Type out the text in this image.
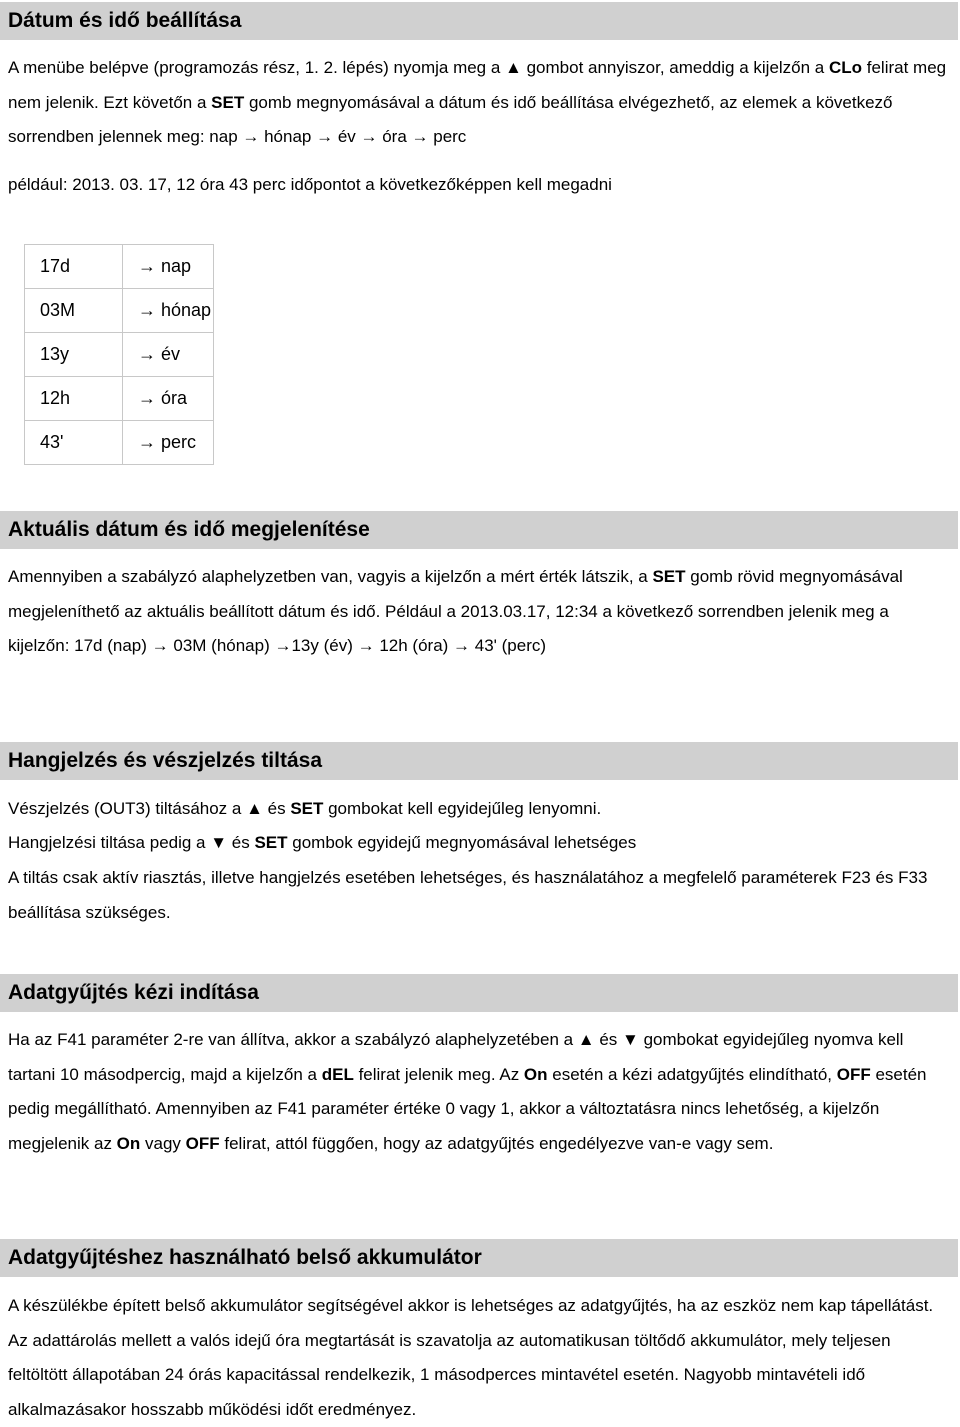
Dátum és idő beállítása

A menübe belépve (programozás rész, 1. 2. lépés) nyomja meg a ▲ gombot annyiszor, ameddig a kijelzőn a CLo felirat meg nem jelenik. Ezt követőn a SET gomb megnyomásával a dátum és idő beállítása elvégezhető, az elemek a következő sorrendben jelennek meg: nap → hónap → év → óra → perc

például: 2013. 03. 17, 12 óra 43 perc időpontot a következőképpen kell megadni

17d	→ nap
03M	→ hónap
13y	→ év
12h	→ óra
43'	→ perc
Aktuális dátum és idő megjelenítése

Amennyiben a szabályzó alaphelyzetben van, vagyis a kijelzőn a mért érték látszik, a SET gomb rövid megnyomásával megjeleníthető az aktuális beállított dátum és idő. Például a 2013.03.17, 12:34 a következő sorrendben jelenik meg a kijelzőn: 17d (nap) → 03M (hónap) →13y (év) → 12h (óra) → 43' (perc)

Hangjelzés és vészjelzés tiltása

Vészjelzés (OUT3) tiltásához a ▲ és SET gombokat kell egyidejűleg lenyomni.

Hangjelzési tiltása pedig a ▼ és SET gombok egyidejű megnyomásával lehetséges

A tiltás csak aktív riasztás, illetve hangjelzés esetében lehetséges, és használatához a megfelelő paraméterek F23 és F33 beállítása szükséges.

Adatgyűjtés kézi indítása

Ha az F41 paraméter 2-re van állítva, akkor a szabályzó alaphelyzetében a ▲ és ▼ gombokat egyidejűleg nyomva kell tartani 10 másodpercig, majd a kijelzőn a dEL felirat jelenik meg. Az On esetén a kézi adatgyűjtés elindítható, OFF esetén pedig megállítható. Amennyiben az F41 paraméter értéke 0 vagy 1, akkor a változtatásra nincs lehetőség, a kijelzőn megjelenik az On vagy OFF felirat, attól függően, hogy az adatgyűjtés engedélyezve van-e vagy sem.

Adatgyűjtéshez használható belső akkumulátor

A készülékbe épített belső akkumulátor segítségével akkor is lehetséges az adatgyűjtés, ha az eszköz nem kap tápellátást. Az adattárolás mellett a valós idejű óra megtartását is szavatolja az automatikusan töltődő akkumulátor, mely teljesen feltöltött állapotában 24 órás kapacitással rendelkezik, 1 másodperces mintavétel esetén. Nagyobb mintavételi idő alkalmazásakor hosszabb működési időt eredményez.
